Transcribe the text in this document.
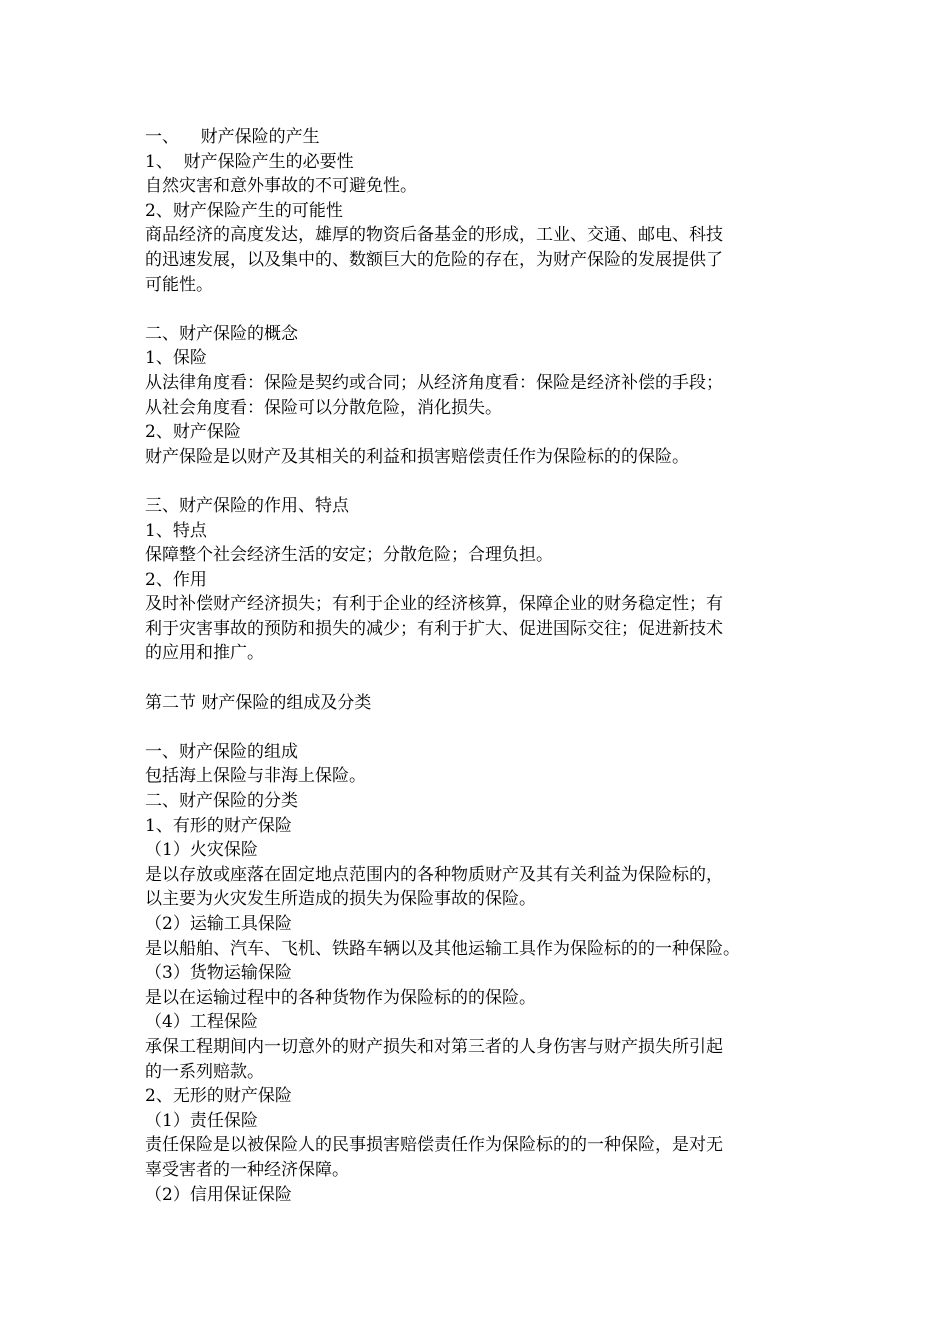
一、    财产保险的产生
1、  财产保险产生的必要性
自然灾害和意外事故的不可避免性。
2、财产保险产生的可能性
商品经济的高度发达，雄厚的物资后备基金的形成，工业、交通、邮电、科技
的迅速发展，以及集中的、数额巨大的危险的存在，为财产保险的发展提供了
可能性。
二、财产保险的概念
1、保险
从法律角度看：保险是契约或合同；从经济角度看：保险是经济补偿的手段；
从社会角度看：保险可以分散危险，消化损失。
2、财产保险
财产保险是以财产及其相关的利益和损害赔偿责任作为保险标的的保险。
三、财产保险的作用、特点
1、特点
保障整个社会经济生活的安定；分散危险；合理负担。
2、作用
及时补偿财产经济损失；有利于企业的经济核算，保障企业的财务稳定性；有
利于灾害事故的预防和损失的减少；有利于扩大、促进国际交往；促进新技术
的应用和推广。
第二节 财产保险的组成及分类
一、财产保险的组成
包括海上保险与非海上保险。
二、财产保险的分类
1、有形的财产保险
（1）火灾保险
是以存放或座落在固定地点范围内的各种物质财产及其有关利益为保险标的，
以主要为火灾发生所造成的损失为保险事故的保险。
（2）运输工具保险
是以船舶、汽车、飞机、铁路车辆以及其他运输工具作为保险标的的一种保险。
（3）货物运输保险
是以在运输过程中的各种货物作为保险标的的保险。
（4）工程保险
承保工程期间内一切意外的财产损失和对第三者的人身伤害与财产损失所引起
的一系列赔款。
2、无形的财产保险
（1）责任保险
责任保险是以被保险人的民事损害赔偿责任作为保险标的的一种保险，是对无
辜受害者的一种经济保障。
（2）信用保证保险
